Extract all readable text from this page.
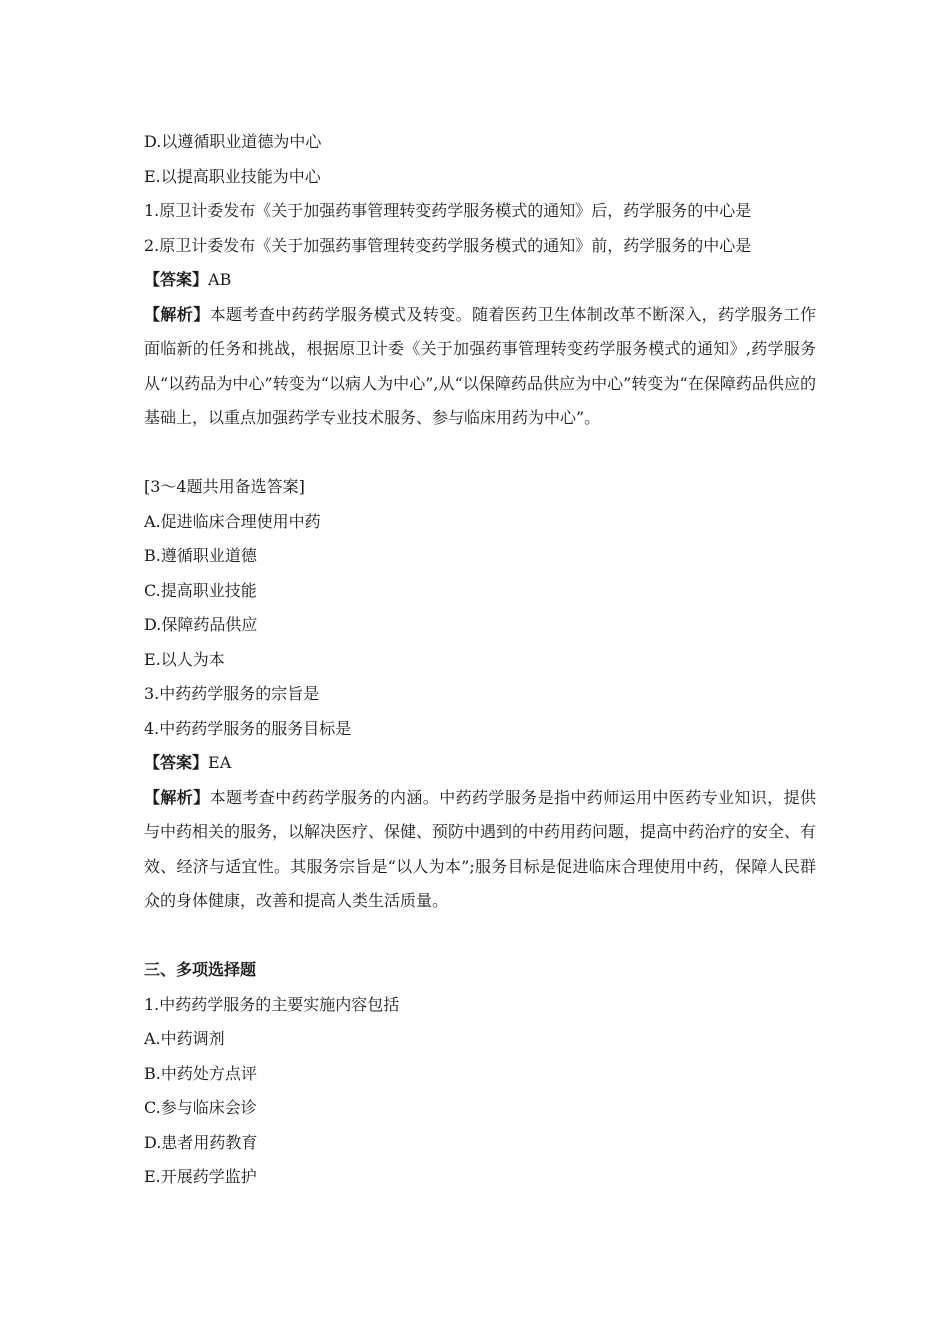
D.以遵循职业道德为中心
E.以提高职业技能为中心
1.原卫计委发布《关于加强药事管理转变药学服务模式的通知》后，药学服务的中心是
2.原卫计委发布《关于加强药事管理转变药学服务模式的通知》前，药学服务的中心是
【答案】AB
【解析】本题考查中药药学服务模式及转变。随着医药卫生体制改革不断深入，药学服务工作面临新的任务和挑战，根据原卫计委《关于加强药事管理转变药学服务模式的通知》,药学服务从“以药品为中心”转变为“以病人为中心”,从“以保障药品供应为中心”转变为“在保障药品供应的基础上，以重点加强药学专业技术服务、参与临床用药为中心”。
[3～4题共用备选答案]
A.促进临床合理使用中药
B.遵循职业道德
C.提高职业技能
D.保障药品供应
E.以人为本
3.中药药学服务的宗旨是
4.中药药学服务的服务目标是
【答案】EA
【解析】本题考查中药药学服务的内涵。中药药学服务是指中药师运用中医药专业知识，提供与中药相关的服务，以解决医疗、保健、预防中遇到的中药用药问题，提高中药治疗的安全、有效、经济与适宜性。其服务宗旨是“以人为本”;服务目标是促进临床合理使用中药，保障人民群众的身体健康，改善和提高人类生活质量。
三、多项选择题
1.中药药学服务的主要实施内容包括
A.中药调剂
B.中药处方点评
C.参与临床会诊
D.患者用药教育
E.开展药学监护
